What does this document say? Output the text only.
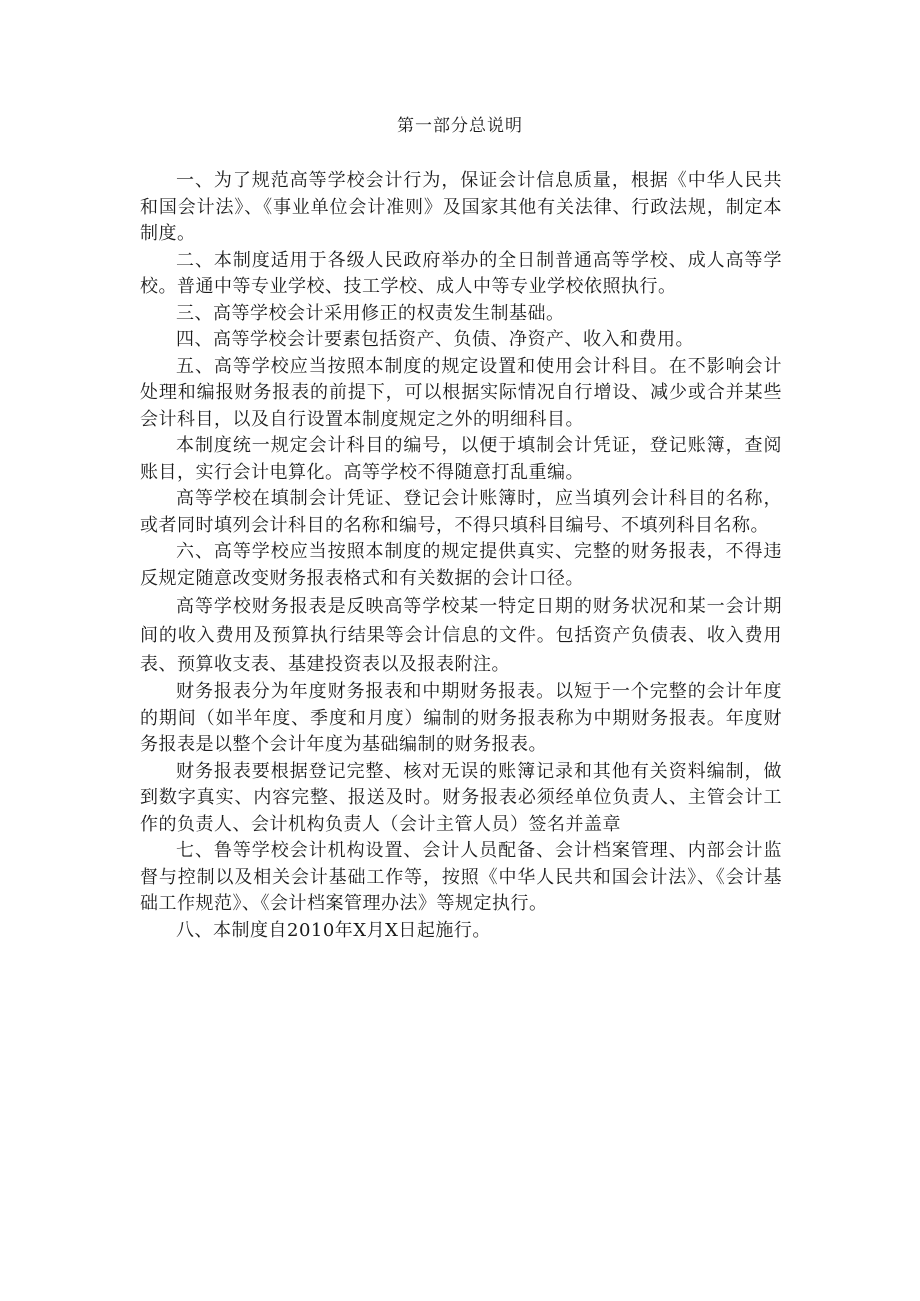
第一部分总说明

一、为了规范高等学校会计行为，保证会计信息质量，根据《中华人民共和国会计法》、《事业单位会计准则》及国家其他有关法律、行政法规，制定本制度。

二、本制度适用于各级人民政府举办的全日制普通高等学校、成人高等学校。普通中等专业学校、技工学校、成人中等专业学校依照执行。

三、高等学校会计采用修正的权责发生制基础。

四、高等学校会计要素包括资产、负债、净资产、收入和费用。

五、高等学校应当按照本制度的规定设置和使用会计科目。在不影响会计处理和编报财务报表的前提下，可以根据实际情况自行增设、减少或合并某些会计科目，以及自行设置本制度规定之外的明细科目。

本制度统一规定会计科目的编号，以便于填制会计凭证，登记账簿，查阅账目，实行会计电算化。高等学校不得随意打乱重编。

高等学校在填制会计凭证、登记会计账簿时，应当填列会计科目的名称，或者同时填列会计科目的名称和编号，不得只填科目编号、不填列科目名称。

六、高等学校应当按照本制度的规定提供真实、完整的财务报表，不得违反规定随意改变财务报表格式和有关数据的会计口径。

高等学校财务报表是反映高等学校某一特定日期的财务状况和某一会计期间的收入费用及预算执行结果等会计信息的文件。包括资产负债表、收入费用表、预算收支表、基建投资表以及报表附注。

财务报表分为年度财务报表和中期财务报表。以短于一个完整的会计年度的期间（如半年度、季度和月度）编制的财务报表称为中期财务报表。年度财务报表是以整个会计年度为基础编制的财务报表。

财务报表要根据登记完整、核对无误的账簿记录和其他有关资料编制，做到数字真实、内容完整、报送及时。财务报表必须经单位负责人、主管会计工作的负责人、会计机构负责人（会计主管人员）签名并盖章

七、鲁等学校会计机构设置、会计人员配备、会计档案管理、内部会计监督与控制以及相关会计基础工作等，按照《中华人民共和国会计法》、《会计基础工作规范》、《会计档案管理办法》等规定执行。

八、本制度自2010年X月X日起施行。
